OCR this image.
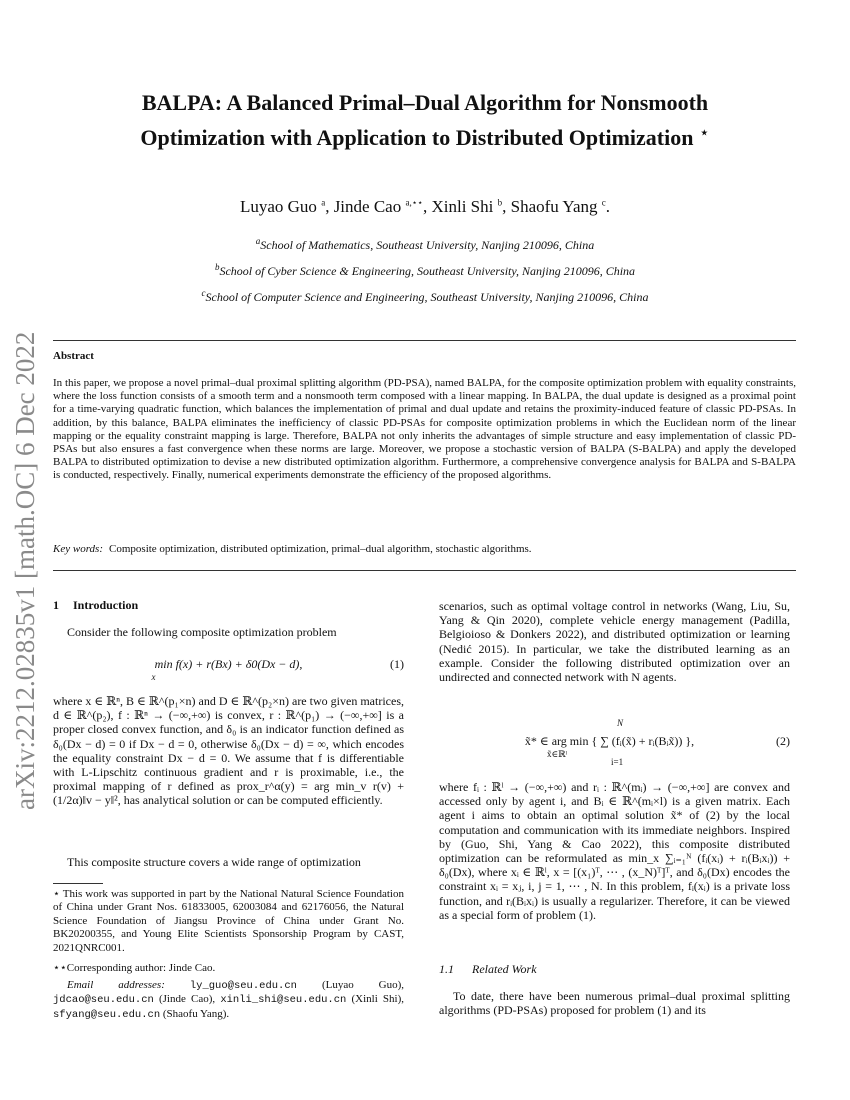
arXiv:2212.02835v1 [math.OC] 6 Dec 2022
BALPA: A Balanced Primal–Dual Algorithm for Nonsmooth
Optimization with Application to Distributed Optimization ⋆
Luyao Guo $^a$, Jinde Cao $^{a,⋆⋆}$, Xinli Shi $^b$, Shaofu Yang $^c$.
$^a$School of Mathematics, Southeast University, Nanjing 210096, China
$^b$School of Cyber Science & Engineering, Southeast University, Nanjing 210096, China
$^c$School of Computer Science and Engineering, Southeast University, Nanjing 210096, China
Abstract

In this paper, we propose a novel primal–dual proximal splitting algorithm (PD-PSA), named BALPA, for the composite optimization problem with equality constraints, where the loss function consists of a smooth term and a nonsmooth term composed with a linear mapping. In BALPA, the dual update is designed as a proximal point for a time-varying quadratic function, which balances the implementation of primal and dual update and retains the proximity-induced feature of classic PD-PSAs. In addition, by this balance, BALPA eliminates the inefficiency of classic PD-PSAs for composite optimization problems in which the Euclidean norm of the linear mapping or the equality constraint mapping is large. Therefore, BALPA not only inherits the advantages of simple structure and easy implementation of classic PD-PSAs but also ensures a fast convergence when these norms are large. Moreover, we propose a stochastic version of BALPA (S-BALPA) and apply the developed BALPA to distributed optimization to devise a new distributed optimization algorithm. Furthermore, a comprehensive convergence analysis for BALPA and S-BALPA is conducted, respectively. Finally, numerical experiments demonstrate the efficiency of the proposed algorithms.

Key words: Composite optimization, distributed optimization, primal–dual algorithm, stochastic algorithms.
1 Introduction

Consider the following composite optimization problem

min f(x) + r(Bx) + δ0(Dx − d),
x
(1)

where x ∈ ℝⁿ, B ∈ ℝ^(p₁×n) and D ∈ ℝ^(p₂×n) are two given matrices, d ∈ ℝ^(p₂), f : ℝⁿ → (−∞,+∞) is convex, r : ℝ^(p₁) → (−∞,+∞] is a proper closed convex function, and δ₀ is an indicator function defined as δ₀(Dx − d) = 0 if Dx − d = 0, otherwise δ₀(Dx − d) = ∞, which encodes the equality constraint Dx − d = 0. We assume that f is differentiable with L-Lipschitz continuous gradient and r is proximable, i.e., the proximal mapping of r defined as prox_r^α(y) = arg min_v r(v) + (1/2α)‖v − y‖², has analytical solution or can be computed efficiently.

This composite structure covers a wide range of optimization

⋆ This work was supported in part by the National Natural Science Foundation of China under Grant Nos. 61833005, 62003084 and 62176056, the Natural Science Foundation of Jiangsu Province of China under Grant No. BK20200355, and Young Elite Scientists Sponsorship Program by CAST, 2021QNRC001.

⋆⋆Corresponding author: Jinde Cao.

Email addresses: ly_guo@seu.edu.cn (Luyao Guo), jdcao@seu.edu.cn (Jinde Cao), xinli_shi@seu.edu.cn (Xinli Shi), sfyang@seu.edu.cn (Shaofu Yang).

scenarios, such as optimal voltage control in networks (Wang, Liu, Su, Yang & Qin 2020), complete vehicle energy management (Padilla, Belgioioso & Donkers 2022), and distributed optimization or learning (Nedić 2015). In particular, we take the distributed learning as an example. Consider the following distributed optimization over an undirected and connected network with N agents.

N
x̃* ∈ arg min { ∑ (fᵢ(x̃) + rᵢ(Bᵢx̃)) },
x̃∈ℝˡ
i=1
(2)

where fᵢ : ℝˡ → (−∞,+∞) and rᵢ : ℝ^(mᵢ) → (−∞,+∞] are convex and accessed only by agent i, and Bᵢ ∈ ℝ^(mᵢ×l) is a given matrix. Each agent i aims to obtain an optimal solution x̃* of (2) by the local computation and communication with its immediate neighbors. Inspired by (Guo, Shi, Yang & Cao 2022), this composite distributed optimization can be reformulated as min_x ∑ᵢ₌₁ᴺ (fᵢ(xᵢ) + rᵢ(Bᵢxᵢ)) + δ₀(Dx), where xᵢ ∈ ℝˡ, x = [(x₁)ᵀ, ⋯ , (x_N)ᵀ]ᵀ, and δ₀(Dx) encodes the constraint xᵢ = xⱼ, i, j = 1, ⋯ , N. In this problem, fᵢ(xᵢ) is a private loss function, and rᵢ(Bᵢxᵢ) is usually a regularizer. Therefore, it can be viewed as a special form of problem (1).

1.1 Related Work

To date, there have been numerous primal–dual proximal splitting algorithms (PD-PSAs) proposed for problem (1) and its
